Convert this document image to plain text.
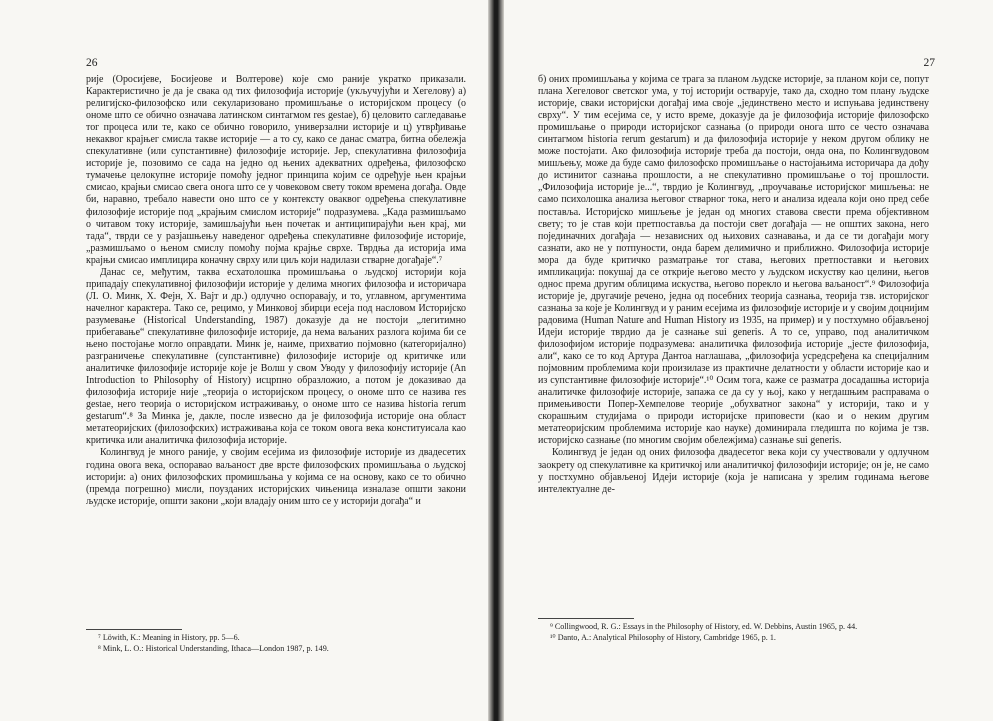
26

рије (Оросијеве, Босијеове и Волтерове) које смо раније укратко приказали. Карактеристично је да је свака од тих филозофија историје (укључујући и Хегелову) а) религијско-филозофско или секуларизовано промишљање о историјском процесу (о ономе што се обично означава латинском синтагмом res gestae), б) целовито сагледавање тог процеса или те, како се обично говорило, универзални историје и ц) утврђивање некаквог крајњег смисла такве историје — а то су, како се данас сматра, битна обележја спекулативне (или супстантивне) филозофије историје. Јер, спекулативна филозофија историје је, позовимо се сада на једно од њених адекватних одређења, филозофско тумачење целокупне историје помоћу једног принципа којим се одређује њен крајњи смисао, крајњи смисао свега онога што се у човековом свету током времена догађа. Овде би, наравно, требало навести оно што се у контексту оваквог одређења спекулативне филозофије историје под „крајњим смислом историје“ подразумева. „Када размишљамо о читавом току историје, замишљајући њен почетак и антиципирајући њен крај, ми тада“, тврди се у разјашњењу наведеног одређења спекулативне филозофије историје, „размишљамо о њеном смислу помоћу појма крајње сврхе. Тврдња да историја има крајњи смисао имплицира коначну сврху или циљ који надилази стварне догађаје“.⁷

Данас се, међутим, таква есхатолошка промишљања о људској историји која припадају спекулативној филозофији историје у делима многих филозофа и историчара (Л. О. Минк, Х. Фејн, Х. Вајт и др.) одлучно оспоравају, и то, углавном, аргументима начелног карактера. Тако се, рецимо, у Минковој збирци есеја под насловом Историјско разумевање (Historical Understanding, 1987) доказује да не постоји „легитимно прибегавање“ спекулативне филозофије историје, да нема ваљаних разлога којима би се њено постојање могло оправдати. Минк је, наиме, прихватио појмовно (категоријално) разграничење спекулативне (супстантивне) филозофије историје од критичке или аналитичке филозофије историје које је Волш у свом Уводу у филозофију историје (An Introduction to Philosophy of History) исцрпно образложио, а потом је доказивао да филозофија историје није „теорија о историјском процесу, о ономе што се назива res gestae, него теорија о историјском истраживању, о ономе што се назива historia rerum gestarum“.⁸ За Минка је, дакле, после извесно да је филозофија историје она област метатеоријских (филозофских) истраживања која се током овога века конституисала као критичка или аналитичка филозофија историје.

Колингвуд је много раније, у својим есејима из филозофије историје из двадесетих година овога века, оспоравао ваљаност две врсте филозофских промишљања о људској историји: а) оних филозофских промишљања у којима се на основу, како се то обично (премда погрешно) мисли, поузданих историјских чињеница изналазе општи закони људске историје, општи закони „који владају оним што се у историји догађа“ и

⁷ Löwith, K.: Meaning in History, pp. 5—6.

⁸ Mink, L. O.: Historical Understanding, Ithaca—London 1987, p. 149.

27

б) оних промишљања у којима се трага за планом људске историје, за планом који се, попут плана Хегеловог светског ума, у тој историји остварује, тако да, сходно том плану људске историје, сваки историјски догађај има своје „јединствено место и испуњава јединствену сврху“. У тим есејима се, у исто време, доказује да је филозофија историје филозофско промишљање о природи историјског сазнања (о природи онога што се често означава синтагмом historia rerum gestarum) и да филозофија историје у неком другом облику не може постојати. Ако филозофија историје треба да постоји, онда она, по Колингвудовом мишљењу, може да буде само филозофско промишљање о настојањима историчара да дођу до истинитог сазнања прошлости, а не спекулативно промишљање о тој прошлости. „Филозофија историје је...“, тврдио је Колингвуд, „проучавање историјског мишљења: не само психолошка анализа његовог стварног тока, него и анализа идеала који оно пред себе поставља. Историјско мишљење је један од многих ставова свести према објективном свету; то је став који претпоставља да постоји свет догађаја — не општих закона, него појединачних догађаја — независних од њихових сазнавања, и да се ти догађаји могу сазнати, ако не у потпуности, онда барем делимично и приближно. Филозофија историје мора да буде критичко разматрање тог става, његових претпоставки и његових импликација: покушај да се открије његово место у људском искуству као целини, његов однос према другим облицима искуства, његово порекло и његова ваљаност“.⁹ Филозофија историје је, другачије речено, једна од посебних теорија сазнања, теорија тзв. историјског сазнања за које је Колингвуд и у раним есејима из филозофије историје и у својим доцнијим радовима (Human Nature and Human History из 1935, на пример) и у постхумно објављеној Идеји историје тврдио да је сазнање sui generis. А то се, управо, под аналитичком филозофијом историје подразумева: аналитичка филозофија историје „јесте филозофија, али“, како се то код Артура Дантоа наглашава, „филозофија усредсређена ка специјалним појмовним проблемима који произилазе из практичне делатности у области историје као и из супстантивне филозофије историје“.¹⁰ Осим тога, каже се разматра досадашња историја аналитичке филозофије историје, запажа се да су у њој, како у негдашњим расправама о примењивости Попер-Хемпелове теорије „обухватног закона“ у историји, тако и у скорашњим студијама о природи историјске приповести (као и о неким другим метатеоријским проблемима историје као науке) доминирала гледишта по којима је тзв. историјско сазнање (по многим својим обележјима) сазнање sui generis.

Колингвуд је један од оних филозофа двадесетог века који су учествовали у одлучном заокрету од спекулативне ка критичкој или аналитичкој филозофији историје; он је, не само у постхумно објављеној Идеји историје (која је написана у зрелим годинама његове интелектуалне де-

⁹ Collingwood, R. G.: Essays in the Philosophy of History, ed. W. Debbins, Austin 1965, p. 44.

¹⁰ Danto, A.: Analytical Philosophy of History, Cambridge 1965, p. 1.
